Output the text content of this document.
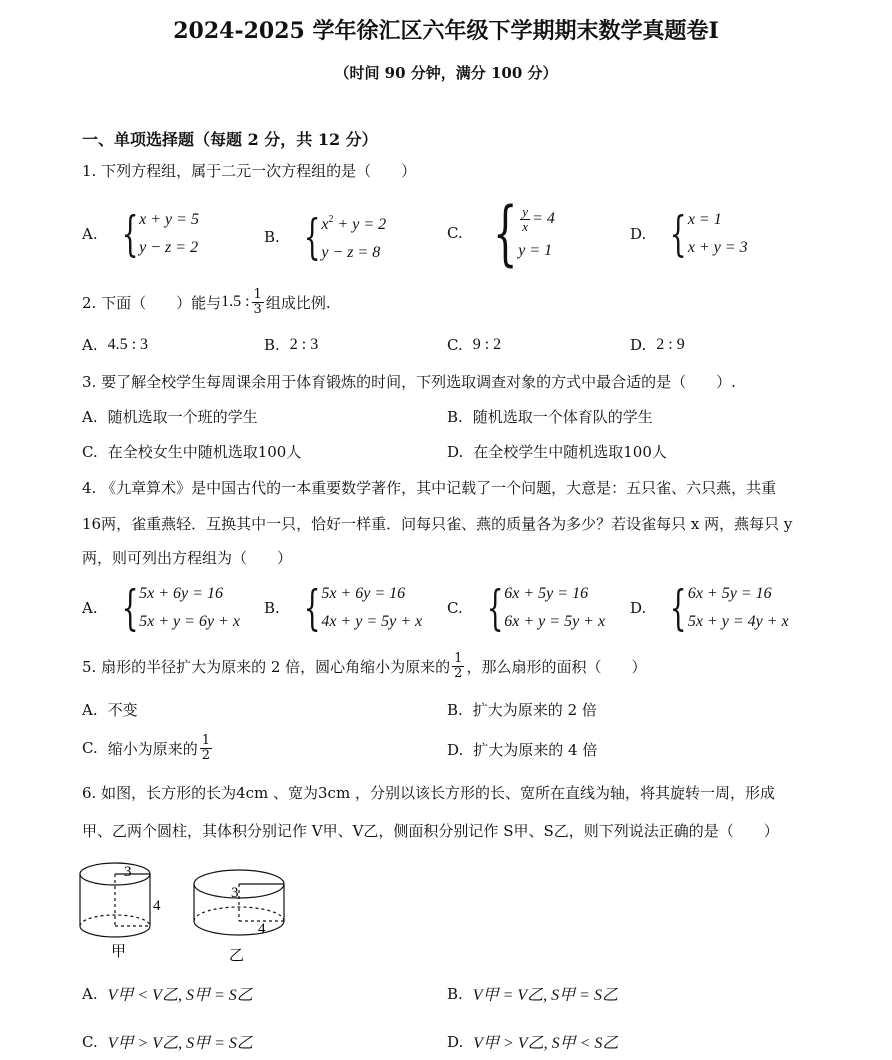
2024-2025 学年徐汇区六年级下学期期末数学真题卷Ⅰ
（时间 90 分钟，满分 100 分）
一、单项选择题（每题 2 分，共 12 分）
1. 下列方程组，属于二元一次方程组的是（　　）
A. { x + y = 5
y − z = 2
B. { $x^2 + y = 2$
y − z = 8
C. { $\frac{y}{x} = 4$
y = 1
D. { x = 1
x + y = 3
2. 下面（　　）能与 1.5 : $\frac{1}{3}$ 组成比例.
A. 4.5 : 3	B. 2 : 3	C. 9 : 2	D. 2 : 9
3. 要了解全校学生每周课余用于体育锻炼的时间，下列选取调查对象的方式中最合适的是（　　）.
A. 随机选取一个班的学生	B. 随机选取一个体育队的学生
C. 在全校女生中随机选取100人	D. 在全校学生中随机选取100人
4. 《九章算术》是中国古代的一本重要数学著作，其中记载了一个问题，大意是：五只雀、六只燕，共重
16两，雀重燕轻．互换其中一只，恰好一样重．问每只雀、燕的质量各为多少？若设雀每只 x 两，燕每只 y
两，则可列出方程组为（　　）
A. { 5x + 6y = 16
5x + y = 6y + x
B. { 5x + 6y = 16
4x + y = 5y + x
C. { 6x + 5y = 16
6x + y = 5y + x
D. { 6x + 5y = 16
5x + y = 4y + x
5. 扇形的半径扩大为原来的 2 倍，圆心角缩小为原来的 $\frac{1}{2}$ ，那么扇形的面积（　　）
A. 不变	B. 扩大为原来的 2 倍
C. 缩小为原来的 $\frac{1}{2}$	D. 扩大为原来的 4 倍
6. 如图，长方形的长为4cm 、宽为3cm ，分别以该长方形的长、宽所在直线为轴，将其旋转一周，形成
甲、乙两个圆柱，其体积分别记作 V甲、V乙，侧面积分别记作 S甲、S乙，则下列说法正确的是（　　）
3
4
3
4
甲	乙
A. V甲 < V乙, S甲 = S乙	B. V甲 = V乙, S甲 = S乙
C. V甲 > V乙, S甲 = S乙	D. V甲 > V乙, S甲 < S乙
